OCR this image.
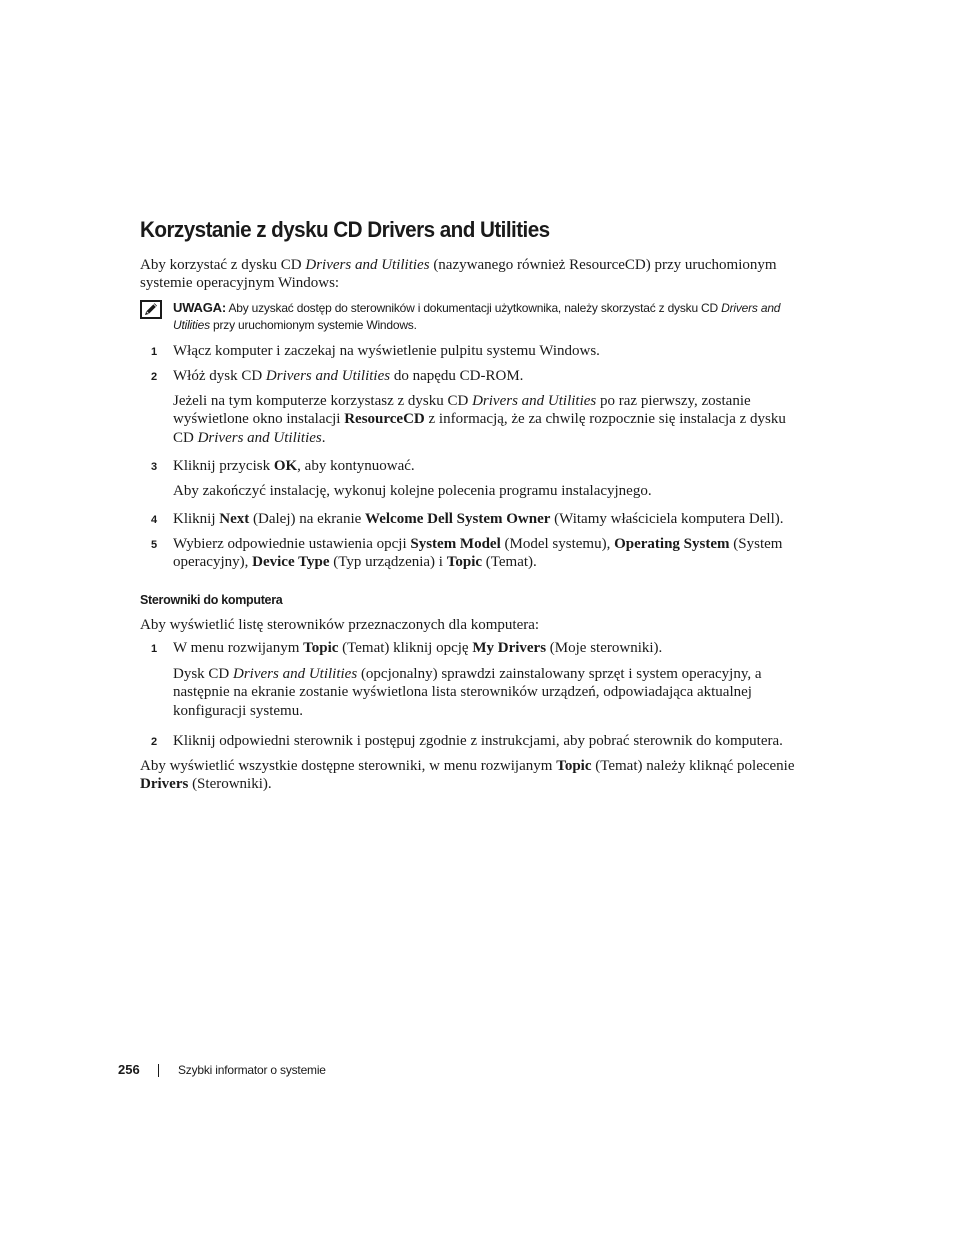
Korzystanie z dysku CD Drivers and Utilities
Aby korzystać z dysku CD Drivers and Utilities (nazywanego również ResourceCD) przy uruchomionym
systemie operacyjnym Windows:
UWAGA: Aby uzyskać dostęp do sterowników i dokumentacji użytkownika, należy skorzystać z dysku CD Drivers and
Utilities przy uruchomionym systemie Windows.
1 Włącz komputer i zaczekaj na wyświetlenie pulpitu systemu Windows.
2 Włóż dysk CD Drivers and Utilities do napędu CD-ROM.
Jeżeli na tym komputerze korzystasz z dysku CD Drivers and Utilities po raz pierwszy, zostanie
wyświetlone okno instalacji ResourceCD z informacją, że za chwilę rozpocznie się instalacja z dysku
CD Drivers and Utilities.
3 Kliknij przycisk OK, aby kontynuować.
Aby zakończyć instalację, wykonuj kolejne polecenia programu instalacyjnego.
4 Kliknij Next (Dalej) na ekranie Welcome Dell System Owner (Witamy właściciela komputera Dell).
5 Wybierz odpowiednie ustawienia opcji System Model (Model systemu), Operating System (System
operacyjny), Device Type (Typ urządzenia) i Topic (Temat).
Sterowniki do komputera
Aby wyświetlić listę sterowników przeznaczonych dla komputera:
1 W menu rozwijanym Topic (Temat) kliknij opcję My Drivers (Moje sterowniki).
Dysk CD Drivers and Utilities (opcjonalny) sprawdzi zainstalowany sprzęt i system operacyjny, a
następnie na ekranie zostanie wyświetlona lista sterowników urządzeń, odpowiadająca aktualnej
konfiguracji systemu.
2 Kliknij odpowiedni sterownik i postępuj zgodnie z instrukcjami, aby pobrać sterownik do komputera.
Aby wyświetlić wszystkie dostępne sterowniki, w menu rozwijanym Topic (Temat) należy kliknąć polecenie
Drivers (Sterowniki).
256	Szybki informator o systemie
